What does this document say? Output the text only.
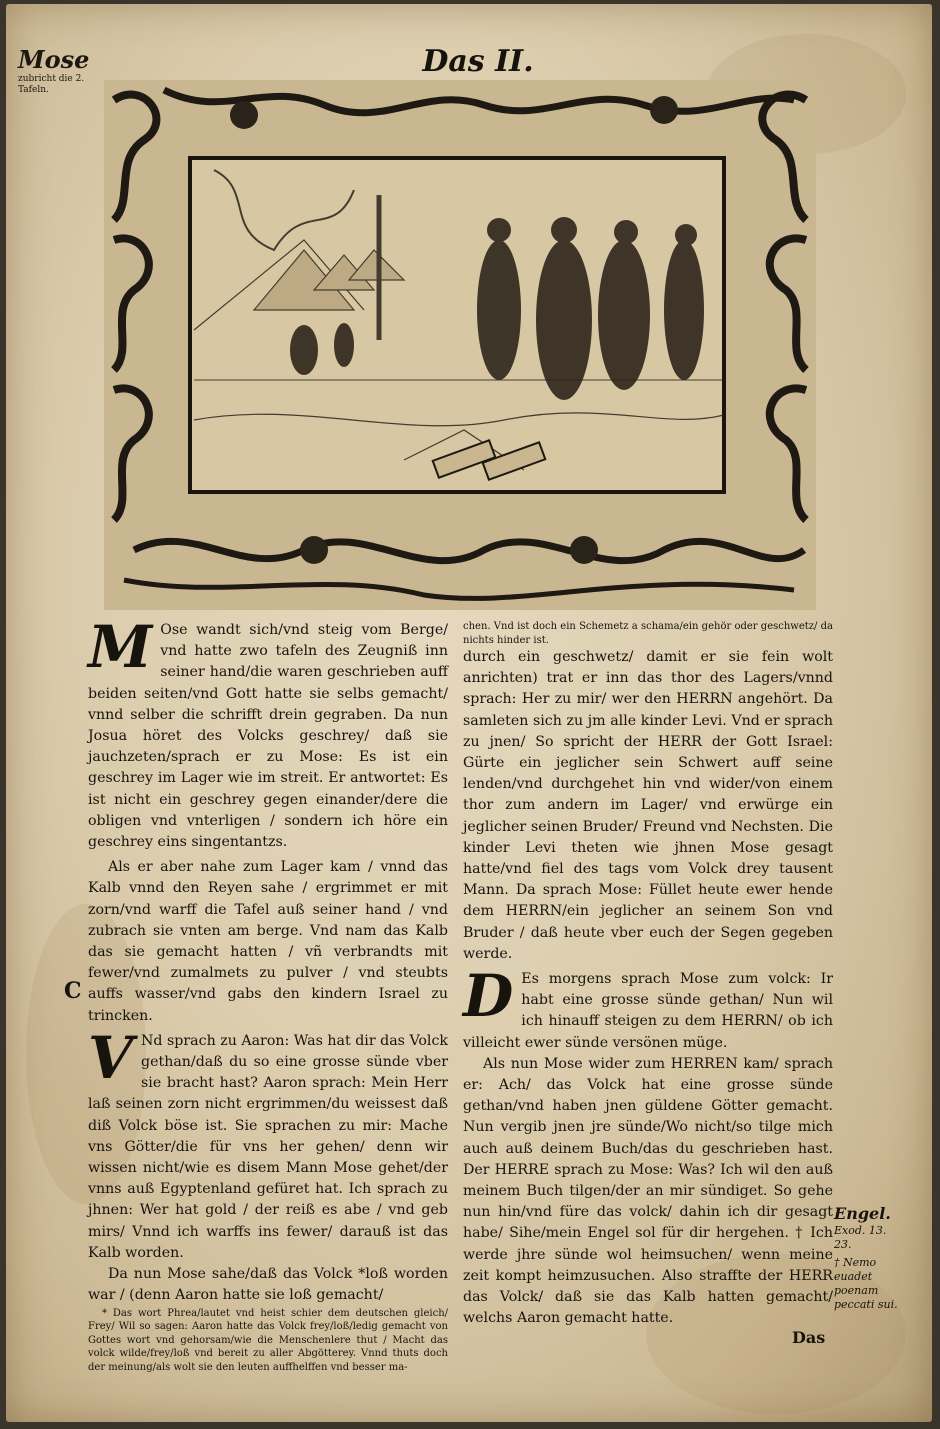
Mose
zubricht die 2. Tafeln.
Das II.

M Ose wandt sich/vnd steig vom Berge/ vnd hatte zwo tafeln des Zeugniß inn seiner hand/die waren geschrieben auff beiden seiten/vnd Gott hatte sie selbs gemacht/ vnnd selber die schrifft drein gegraben. Da nun Josua höret des Volcks geschrey/ daß sie jauchzeten/sprach er zu Mose: Es ist ein geschrey im Lager wie im streit. Er antwortet: Es ist nicht ein geschrey gegen einander/dere die obligen vnd vnterligen / sondern ich höre ein geschrey eins singentantzs.

Als er aber nahe zum Lager kam / vnnd das Kalb vnnd den Reyen sahe / ergrimmet er mit zorn/vnd warff die Tafel auß seiner hand / vnd zubrach sie vnten am berge. Vnd nam das Kalb das sie gemacht hatten / vñ verbrandts mit fewer/vnd zumalmets zu pulver / vnd steubts auffs wasser/vnd gabs den kindern Israel zu trincken.

V Nd sprach zu Aaron: Was hat dir das Volck gethan/daß du so eine grosse sünde vber sie bracht hast? Aaron sprach: Mein Herr laß seinen zorn nicht ergrimmen/du weissest daß diß Volck böse ist. Sie sprachen zu mir: Mache vns Götter/die für vns her gehen/ denn wir wissen nicht/wie es disem Mann Mose gehet/der vnns auß Egyptenland gefüret hat. Ich sprach zu jhnen: Wer hat gold / der reiß es abe / vnd geb mirs/ Vnnd ich warffs ins fewer/ darauß ist das Kalb worden.

Da nun Mose sahe/daß das Volck *loß worden war / (denn Aaron hatte sie loß gemacht/

* Das wort Phrea/lautet vnd heist schier dem deutschen gleich/ Frey/ Wil so sagen: Aaron hatte das Volck frey/loß/ledig gemacht von Gottes wort vnd gehorsam/wie die Menschenlere thut / Macht das volck wilde/frey/loß vnd bereit zu aller Abgötterey. Vnnd thuts doch der meinung/als wolt sie den leuten auffhelffen vnd besser ma-

C

chen. Vnd ist doch ein Schemetz a schama/ein gehör oder geschwetz/ da nichts hinder ist.

durch ein geschwetz/ damit er sie fein wolt anrichten) trat er inn das thor des Lagers/vnnd sprach: Her zu mir/ wer den HERRN angehört. Da samleten sich zu jm alle kinder Levi. Vnd er sprach zu jnen/ So spricht der HERR der Gott Israel: Gürte ein jeglicher sein Schwert auff seine lenden/vnd durchgehet hin vnd wider/von einem thor zum andern im Lager/ vnd erwürge ein jeglicher seinen Bruder/ Freund vnd Nechsten. Die kinder Levi theten wie jhnen Mose gesagt hatte/vnd fiel des tags vom Volck drey tausent Mann. Da sprach Mose: Füllet heute ewer hende dem HERRN/ein jeglicher an seinem Son vnd Bruder / daß heute vber euch der Segen gegeben werde.

D Es morgens sprach Mose zum volck: Ir habt eine grosse sünde gethan/ Nun wil ich hinauff steigen zu dem HERRN/ ob ich villeicht ewer sünde versönen müge.

Als nun Mose wider zum HERREN kam/ sprach er: Ach/ das Volck hat eine grosse sünde gethan/vnd haben jnen güldene Götter gemacht. Nun vergib jnen jre sünde/Wo nicht/so tilge mich auch auß deinem Buch/das du geschrieben hast. Der HERRE sprach zu Mose: Was? Ich wil den auß meinem Buch tilgen/der an mir sündiget. So gehe nun hin/vnd füre das volck/ dahin ich dir gesagt habe/ Sihe/mein Engel sol für dir hergehen. † Ich werde jhre sünde wol heimsuchen/ wenn meine zeit kompt heimzusuchen. Also straffte der HERR das Volck/ daß sie das Kalb hatten gemacht/ welchs Aaron gemacht hatte.

Engel.
Exod. 13. 23.
† Nemo euadet poenam peccati sui.
Das
